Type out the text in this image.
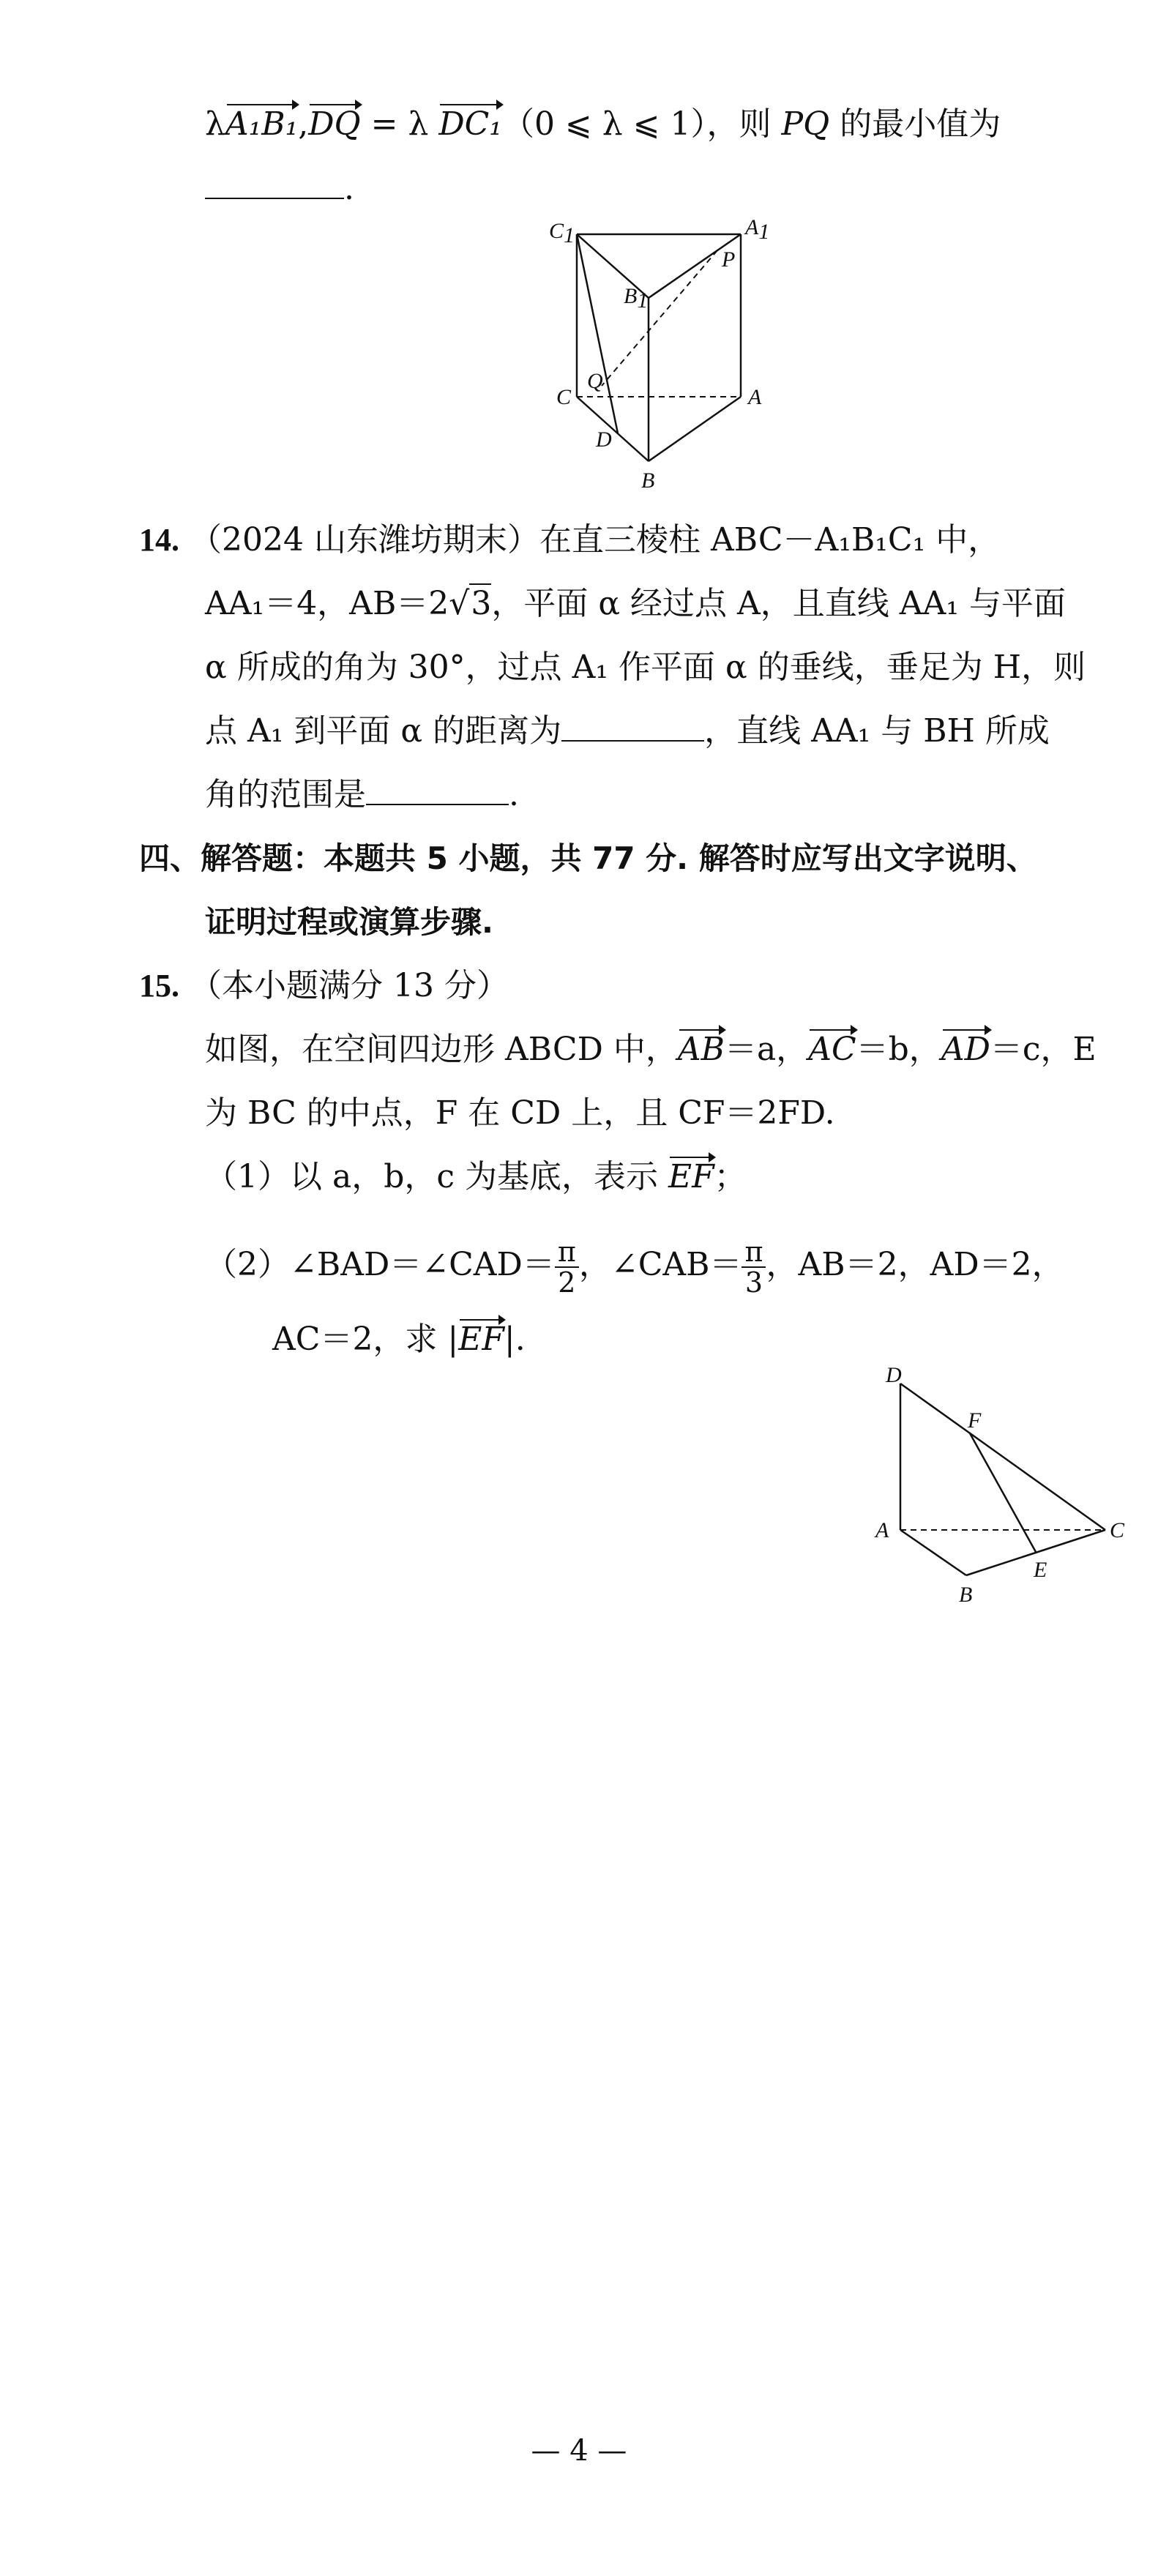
λA₁B₁,DQ = λ DC₁（0 ⩽ λ ⩽ 1），则 PQ 的最小值为
.
C1	A1
P
B1
Q
C	A
D
B
14. （2024 山东潍坊期末）在直三棱柱 ABC－A₁B₁C₁ 中，
AA₁＝4，AB＝2√3，平面 α 经过点 A，且直线 AA₁ 与平面
α 所成的角为 30°，过点 A₁ 作平面 α 的垂线，垂足为 H，则
点 A₁ 到平面 α 的距离为	，直线 AA₁ 与 BH 所成
角的范围是	.
四、解答题：本题共 5 小题，共 77 分. 解答时应写出文字说明、
证明过程或演算步骤.
15. （本小题满分 13 分）
如图，在空间四边形 ABCD 中，AB＝a，AC＝b，AD＝c，E
为 BC 的中点，F 在 CD 上，且 CF＝2FD.
（1）以 a，b，c 为基底，表示 EF；
（2）∠BAD＝∠CAD＝ $\frac{\pi}{2}$ ，∠CAB＝ $\frac{\pi}{3}$ ，AB＝2，AD＝2，
AC＝2，求 |EF|.
D
F
A	C
E
B
— 4 —
